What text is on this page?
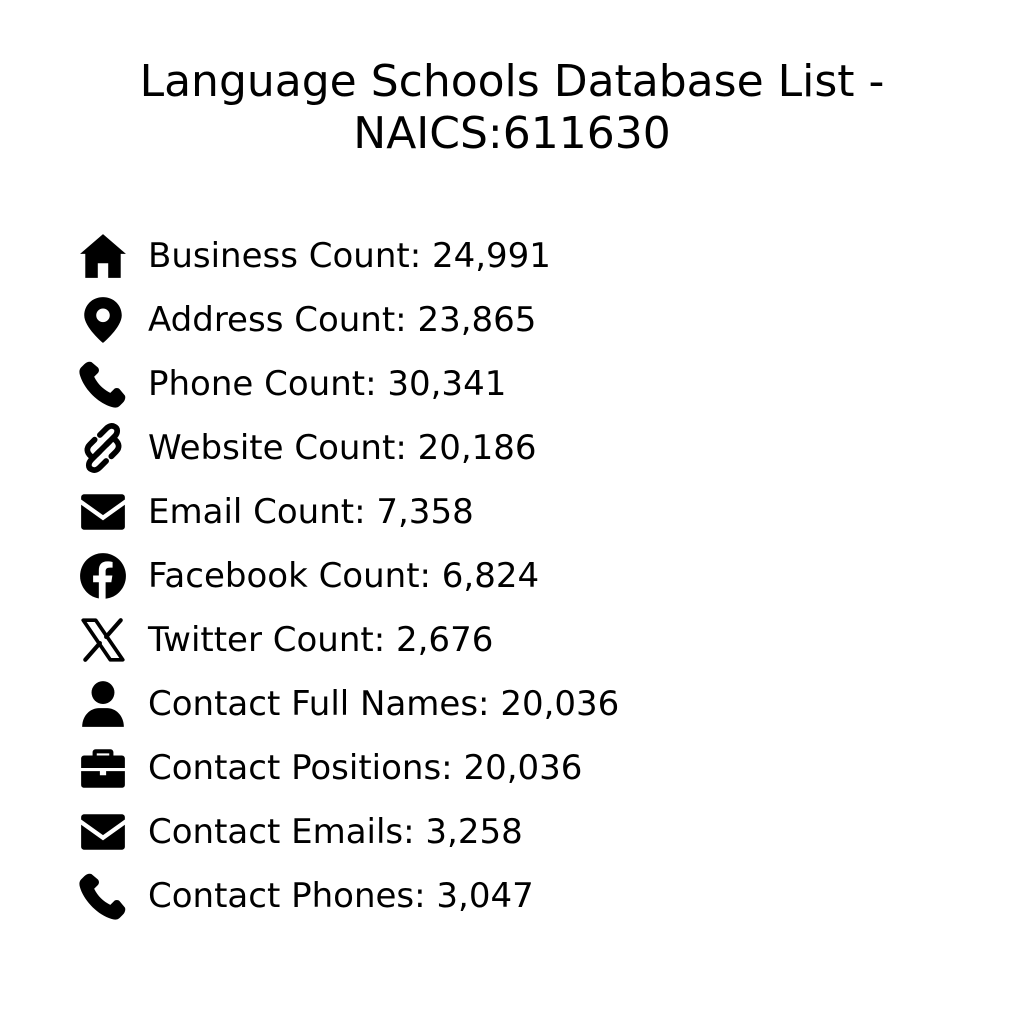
Language Schools Database List -
NAICS:611630
Business Count: 24,991
Address Count: 23,865
Phone Count: 30,341
Website Count: 20,186
Email Count: 7,358
Facebook Count: 6,824
Twitter Count: 2,676
Contact Full Names: 20,036
Contact Positions: 20,036
Contact Emails: 3,258
Contact Phones: 3,047
